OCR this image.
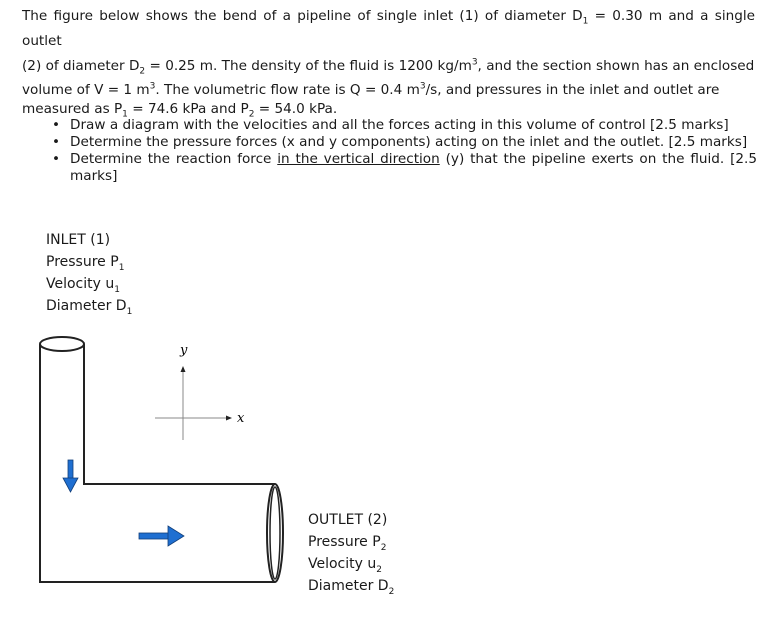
The figure below shows the bend of a pipeline of single inlet (1) of diameter $D_1 = 0.30$ m and a single outlet
(2) of diameter $D_2 = 0.25$ m. The density of the fluid is 1200 $kg/m^3$, and the section shown has an enclosed
volume of V = 1 $m^3$. The volumetric flow rate is Q = 0.4 $m^3/s$, and pressures in the inlet and outlet are
measured as $P_1 = 74.6$ kPa and $P_2 = 54.0$ kPa.
• Draw a diagram with the velocities and all the forces acting in this volume of control [2.5 marks]
• Determine the pressure forces (x and y components) acting on the inlet and the outlet. [2.5 marks]
• Determine the reaction force in the vertical direction (y) that the pipeline exerts on the fluid. [2.5 marks]
INLET (1)
Pressure $P_1$
Velocity $u_1$
Diameter $D_1$
OUTLET (2)
Pressure $P_2$
Velocity $u_2$
Diameter $D_2$
y
x
